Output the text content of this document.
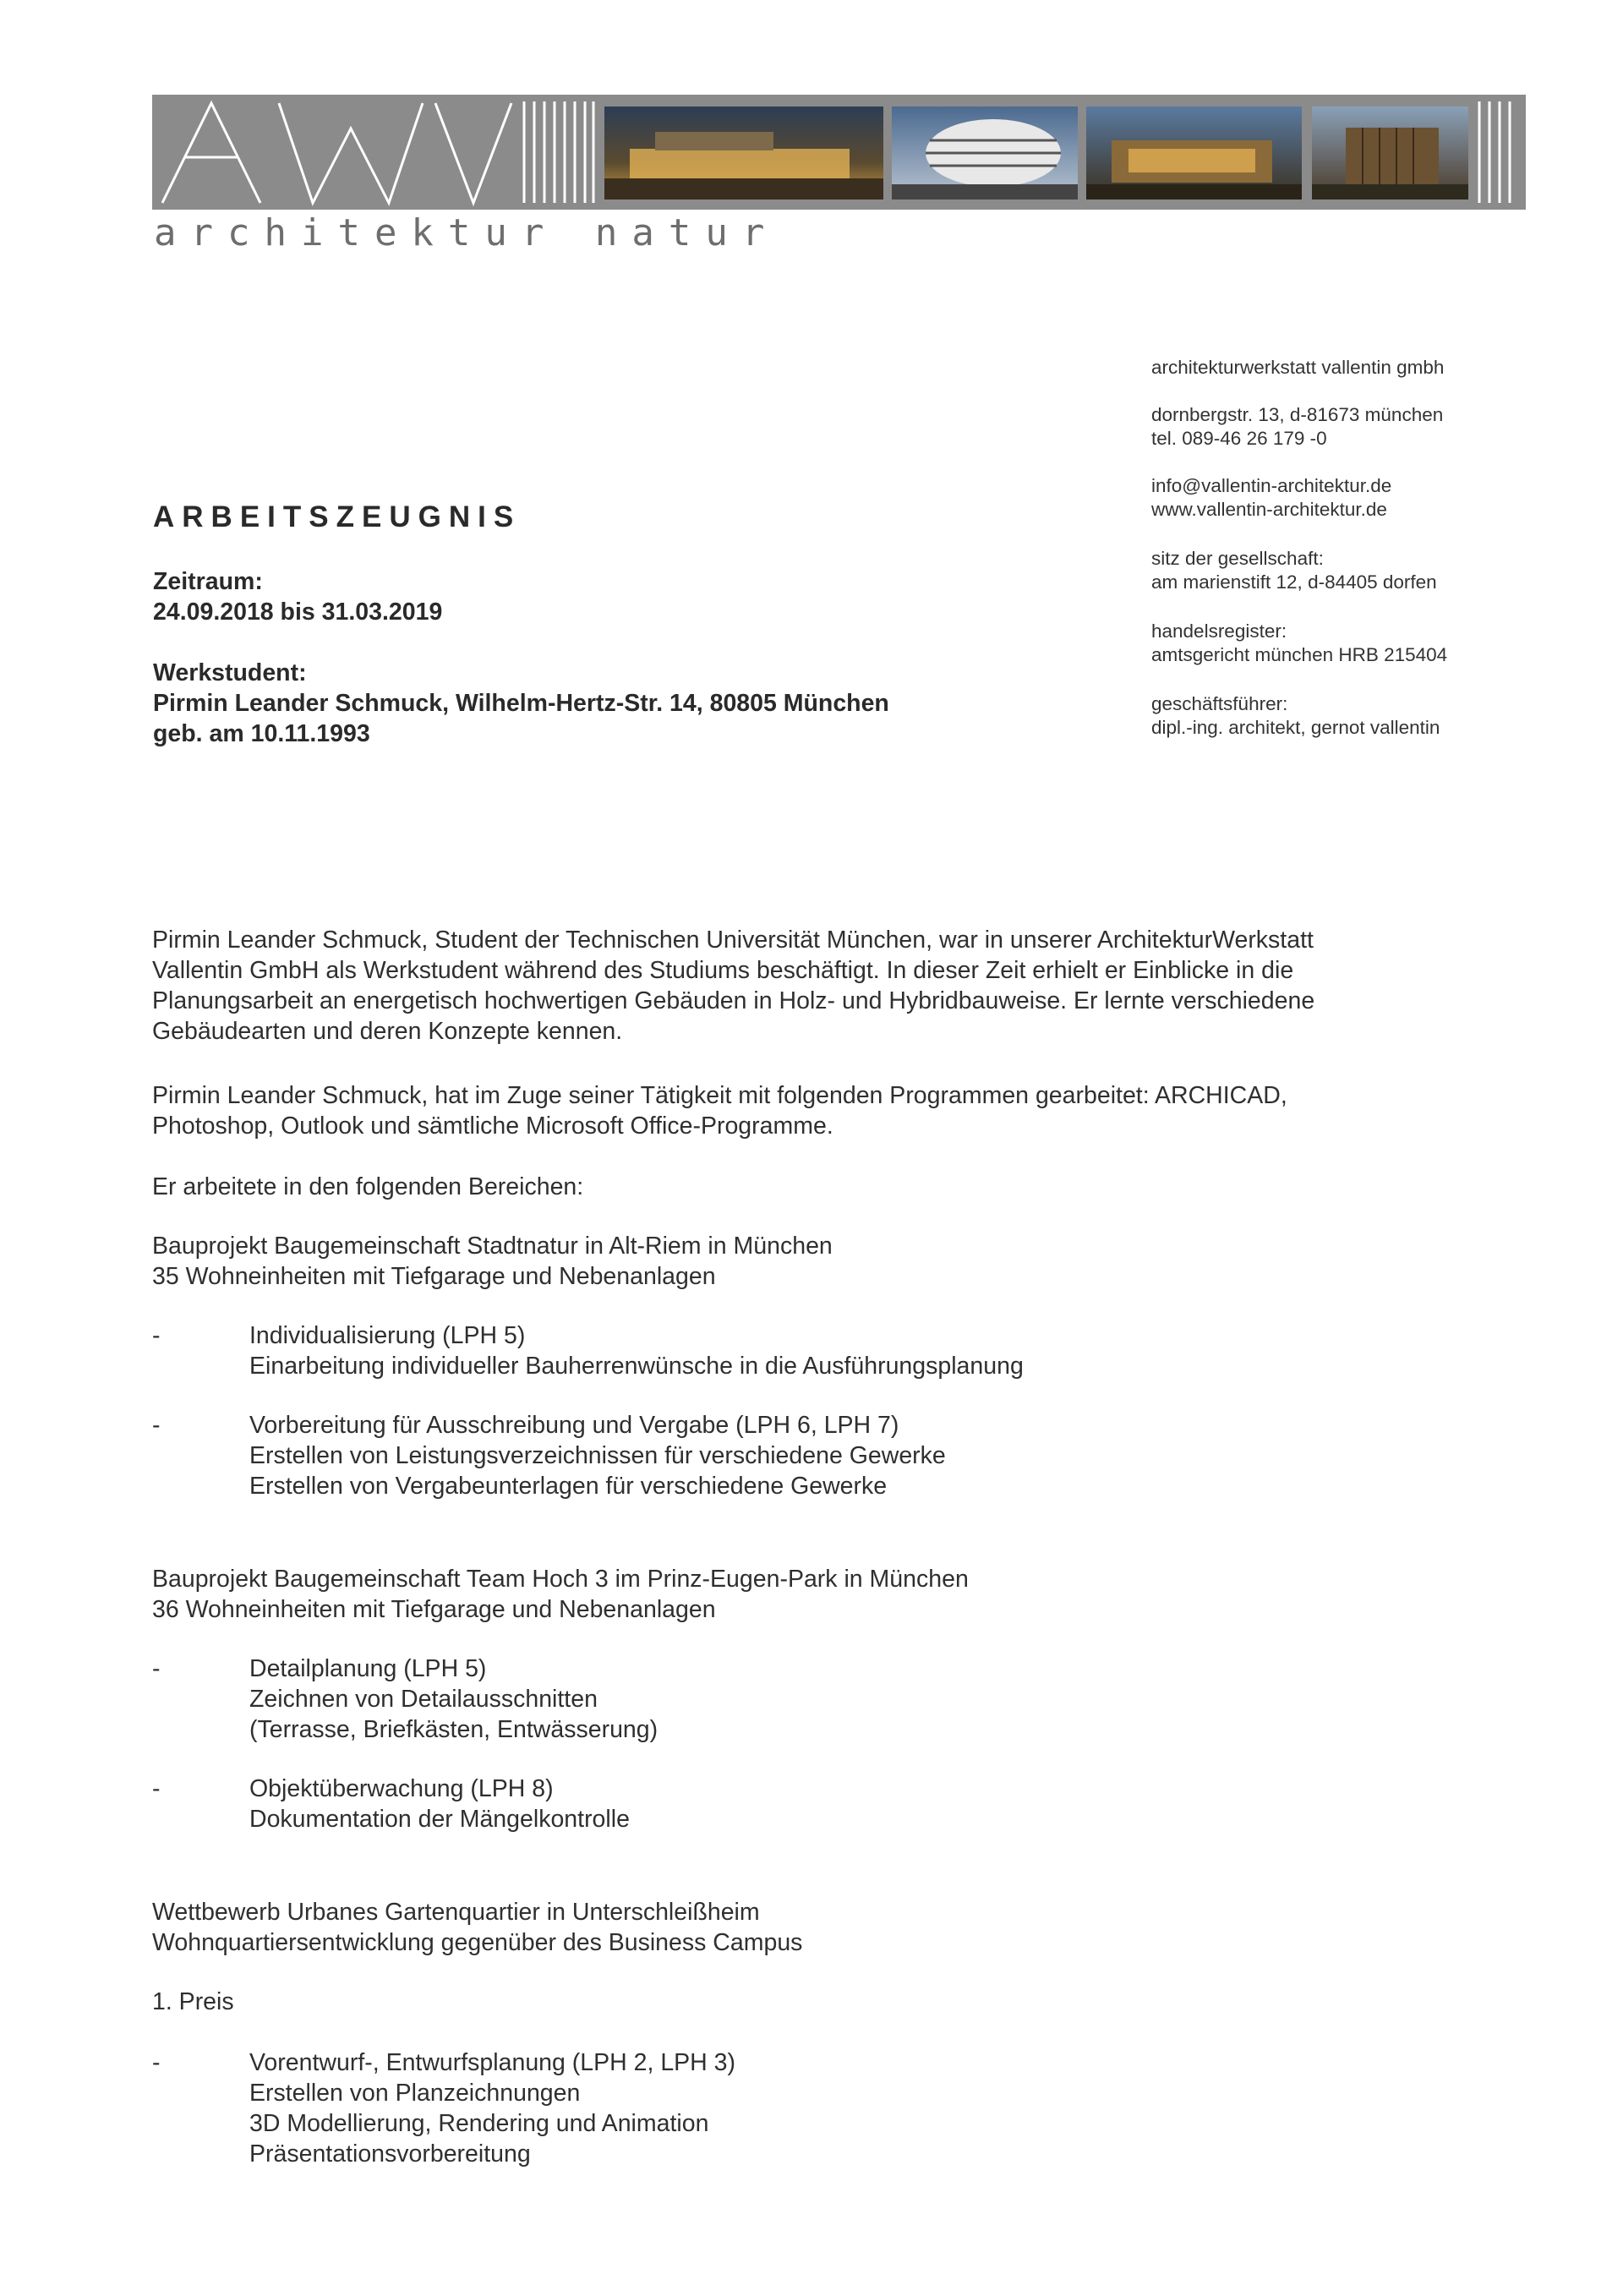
architektur natur
architekturwerkstatt vallentin gmbh
dornbergstr. 13, d-81673 münchen
tel. 089-46 26 179 -0
info@vallentin-architektur.de
www.vallentin-architektur.de
sitz der gesellschaft:
am marienstift 12, d-84405 dorfen
handelsregister:
amtsgericht münchen HRB 215404
geschäftsführer:
dipl.-ing. architekt, gernot vallentin
ARBEITSZEUGNIS
Zeitraum:
24.09.2018 bis 31.03.2019
Werkstudent:
Pirmin Leander Schmuck, Wilhelm-Hertz-Str. 14, 80805 München
geb. am 10.11.1993

Pirmin Leander Schmuck, Student der Technischen Universität München, war in unserer ArchitekturWerkstatt

Vallentin GmbH als Werkstudent während des Studiums beschäftigt. In dieser Zeit erhielt er Einblicke in die

Planungsarbeit an energetisch hochwertigen Gebäuden in Holz- und Hybridbauweise. Er lernte verschiedene

Gebäudearten und deren Konzepte kennen.

Pirmin Leander Schmuck, hat im Zuge seiner Tätigkeit mit folgenden Programmen gearbeitet: ARCHICAD,

Photoshop, Outlook und sämtliche Microsoft Office-Programme.

Er arbeitete in den folgenden Bereichen:

Bauprojekt Baugemeinschaft Stadtnatur in Alt-Riem in München

35 Wohneinheiten mit Tiefgarage und Nebenanlagen

-	Individualisierung (LPH 5)

Einarbeitung individueller Bauherrenwünsche in die Ausführungsplanung

-	Vorbereitung für Ausschreibung und Vergabe (LPH 6, LPH 7)

Erstellen von Leistungsverzeichnissen für verschiedene Gewerke

Erstellen von Vergabeunterlagen für verschiedene Gewerke

Bauprojekt Baugemeinschaft Team Hoch 3 im Prinz-Eugen-Park in München

36 Wohneinheiten mit Tiefgarage und Nebenanlagen

-	Detailplanung (LPH 5)

Zeichnen von Detailausschnitten

(Terrasse, Briefkästen, Entwässerung)

-	Objektüberwachung (LPH 8)

Dokumentation der Mängelkontrolle

Wettbewerb Urbanes Gartenquartier in Unterschleißheim

Wohnquartiersentwicklung gegenüber des Business Campus

1. Preis

-	Vorentwurf-, Entwurfsplanung (LPH 2, LPH 3)

Erstellen von Planzeichnungen

3D Modellierung, Rendering und Animation

Präsentationsvorbereitung
